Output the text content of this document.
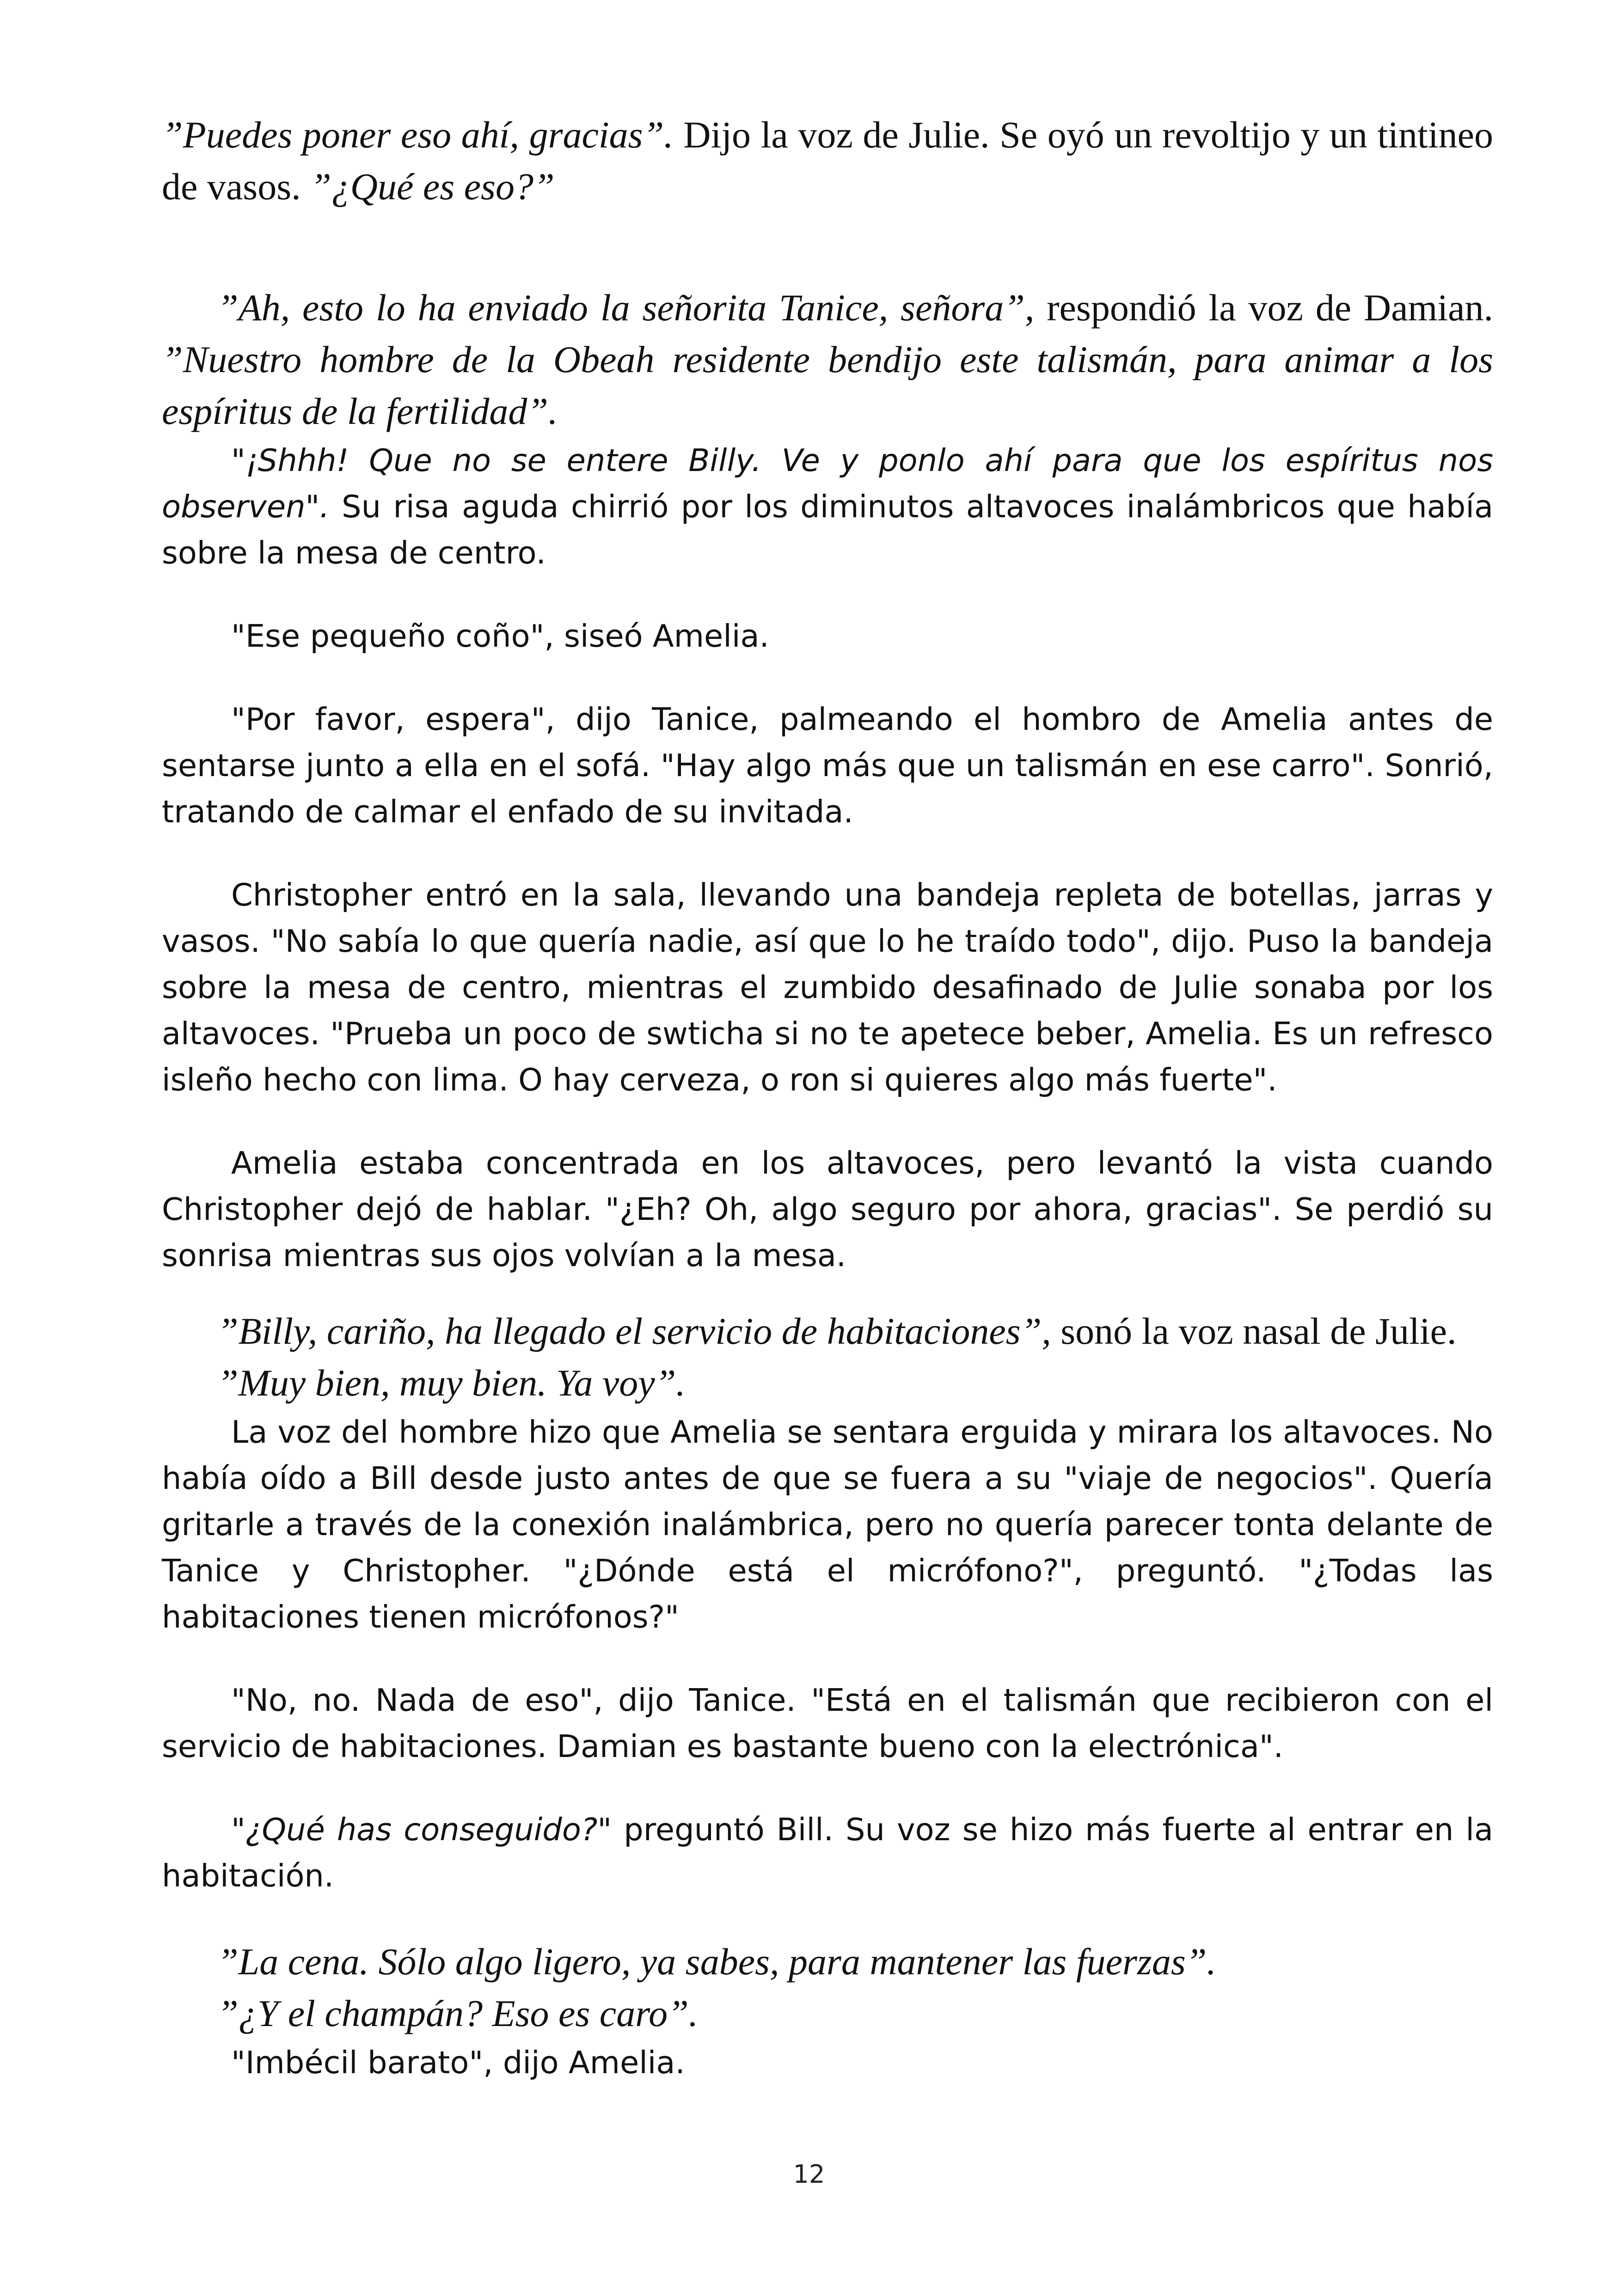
”Puedes poner eso ahí, gracias”. Dijo la voz de Julie. Se oyó un revoltijo y un tintineo de vasos. ”¿Qué es eso?”

”Ah, esto lo ha enviado la señorita Tanice, señora”, respondió la voz de Damian. ”Nuestro hombre de la Obeah residente bendijo este talismán, para animar a los espíritus de la fertilidad”.

"¡Shhh! Que no se entere Billy. Ve y ponlo ahí para que los espíritus nos observen". Su risa aguda chirrió por los diminutos altavoces inalámbricos que había sobre la mesa de centro.

"Ese pequeño coño", siseó Amelia.

"Por favor, espera", dijo Tanice, palmeando el hombro de Amelia antes de sentarse junto a ella en el sofá. "Hay algo más que un talismán en ese carro". Sonrió, tratando de calmar el enfado de su invitada.

Christopher entró en la sala, llevando una bandeja repleta de botellas, jarras y vasos. "No sabía lo que quería nadie, así que lo he traído todo", dijo. Puso la bandeja sobre la mesa de centro, mientras el zumbido desafinado de Julie sonaba por los altavoces. "Prueba un poco de swticha si no te apetece beber, Amelia. Es un refresco isleño hecho con lima. O hay cerveza, o ron si quieres algo más fuerte".

Amelia estaba concentrada en los altavoces, pero levantó la vista cuando Christopher dejó de hablar. "¿Eh? Oh, algo seguro por ahora, gracias". Se perdió su sonrisa mientras sus ojos volvían a la mesa.

”Billy, cariño, ha llegado el servicio de habitaciones”, sonó la voz nasal de Julie.

”Muy bien, muy bien. Ya voy”.

La voz del hombre hizo que Amelia se sentara erguida y mirara los altavoces. No había oído a Bill desde justo antes de que se fuera a su "viaje de negocios". Quería gritarle a través de la conexión inalámbrica, pero no quería parecer tonta delante de Tanice y Christopher. "¿Dónde está el micrófono?", preguntó. "¿Todas las habitaciones tienen micrófonos?"

"No, no. Nada de eso", dijo Tanice. "Está en el talismán que recibieron con el servicio de habitaciones. Damian es bastante bueno con la electrónica".

"¿Qué has conseguido?" preguntó Bill. Su voz se hizo más fuerte al entrar en la habitación.

”La cena. Sólo algo ligero, ya sabes, para mantener las fuerzas”.

”¿Y el champán? Eso es caro”.

"Imbécil barato", dijo Amelia.

12
